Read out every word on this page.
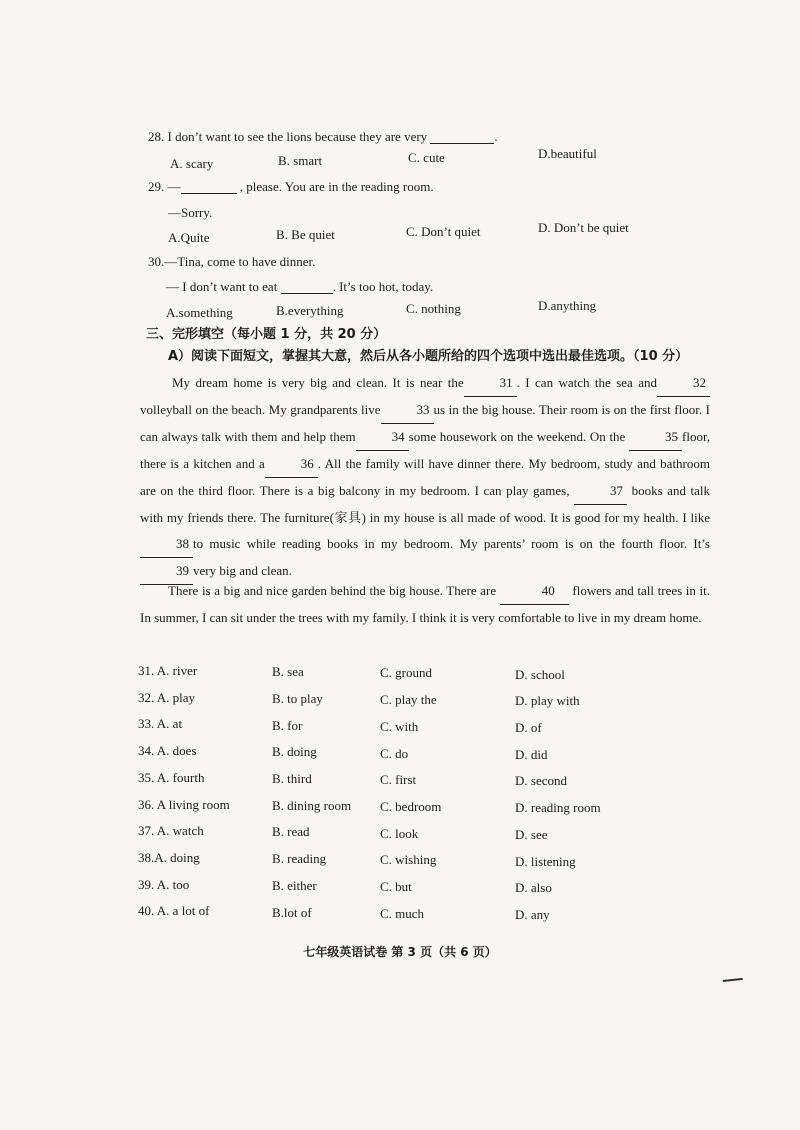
28. I don’t want to see the lions because they are very	.
A. scary	B. smart	C. cute	D.beautiful
29. —	, please. You are in the reading room.
—Sorry.
A.Quite	B. Be quiet	C. Don’t quiet	D. Don’t be quiet
30.—Tina, come to have dinner.
— I don’t want to eat	. It’s too hot, today.
A.something	B.everything	C. nothing	D.anything
三、完形填空（每小题 1 分，共 20 分）
A）阅读下面短文，掌握其大意，然后从各小题所给的四个选项中选出最佳选项。（10 分）
My dream home is very big and clean. It is near the	31 . I can watch the sea and	32 volleyball on the beach. My grandparents live	33 us in the big house. Their room is on the first floor. I can always talk with them and help them	34 some housework on the weekend. On the	35 floor, there is a kitchen and a	36 . All the family will have dinner there. My bedroom, study and bathroom are on the third floor. There is a big balcony in my bedroom. I can play games,	37 books and talk with my friends there. The furniture(家具) in my house is all made of wood. It is good for my health. I like38 to music while reading books in my bedroom. My parents’ room is on the fourth floor. It’s39 very big and clean.
There is a big and nice garden behind the big house. There are	40 flowers and tall trees in it. In summer, I can sit under the trees with my family. I think it is very comfortable to live in my dream home.
31. A. river	B. sea	C. ground	D. school
32. A. play	B. to play	C. play the	D. play with
33. A. at	B. for	C. with	D. of
34. A. does	B. doing	C. do	D. did
35. A. fourth	B. third	C. first	D. second
36. A living room	B. dining room C. bedroom	D. reading room
37. A. watch	B. read	C. look	D. see
38.A. doing	B. reading	C. wishing	D. listening
39. A. too	B. either	C. but	D. also
40. A. a lot of	B.lot of	C. much	D. any
七年级英语试卷 第 3 页（共 6 页）
